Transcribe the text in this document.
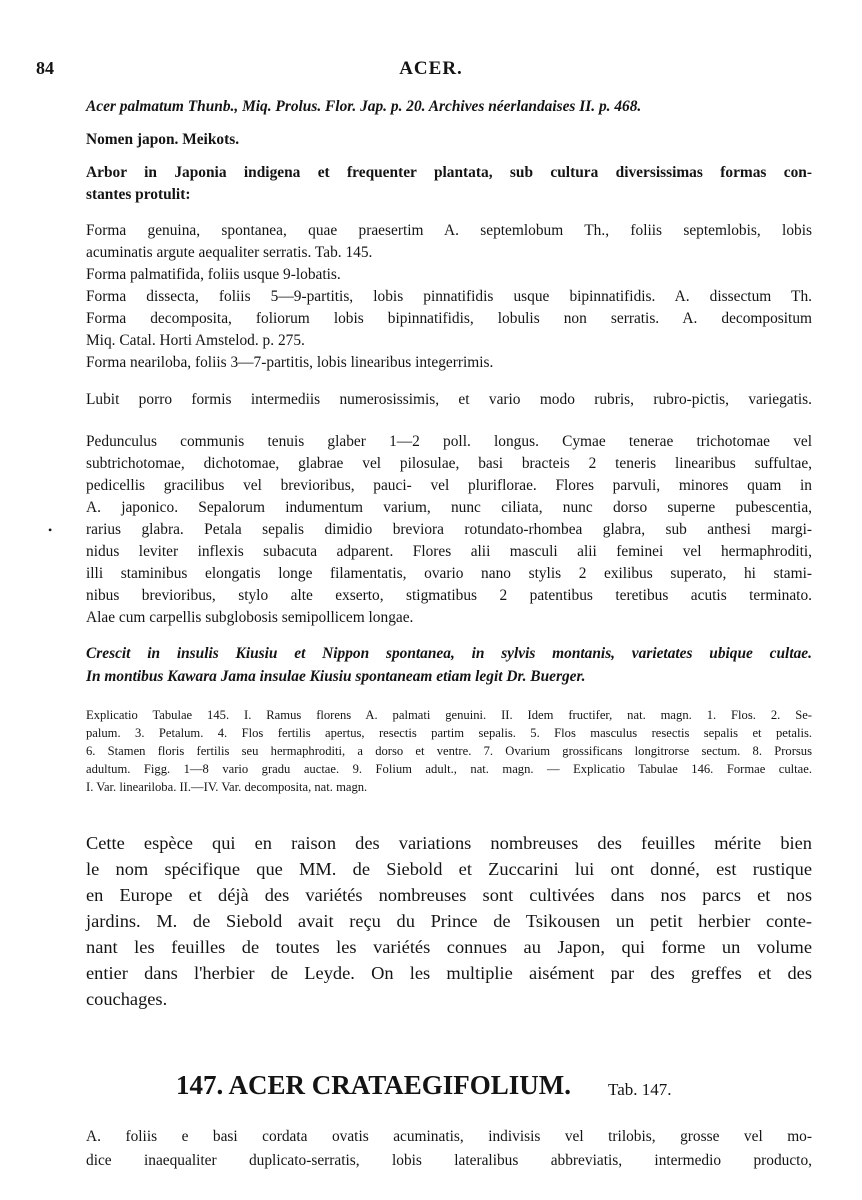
84	ACER.
Acer palmatum Thunb., Miq. Prolus. Flor. Jap. p. 20. Archives néerlandaises II. p. 468.
Nomen japon. Meikots.
Arbor in Japonia indigena et frequenter plantata, sub cultura diversissimas formas con-
stantes protulit:
Forma genuina, spontanea, quae praesertim A. septemlobum Th., foliis septemlobis, lobis
acuminatis argute aequaliter serratis. Tab. 145.
Forma palmatifida, foliis usque 9-lobatis.
Forma dissecta, foliis 5—9-partitis, lobis pinnatifidis usque bipinnatifidis. A. dissectum Th.
Forma decomposita, foliorum lobis bipinnatifidis, lobulis non serratis. A. decompositum
Miq. Catal. Horti Amstelod. p. 275.
Forma neariloba, foliis 3—7-partitis, lobis linearibus integerrimis.
Lubit porro formis intermediis numerosissimis, et vario modo rubris, rubro-pictis, variegatis.
Pedunculus communis tenuis glaber 1—2 poll. longus. Cymae tenerae trichotomae vel
subtrichotomae, dichotomae, glabrae vel pilosulae, basi bracteis 2 teneris linearibus suffultae,
pedicellis gracilibus vel brevioribus, pauci- vel pluriflorae. Flores parvuli, minores quam in
A. japonico. Sepalorum indumentum varium, nunc ciliata, nunc dorso superne pubescentia,
rarius glabra. Petala sepalis dimidio breviora rotundato-rhombea glabra, sub anthesi margi-
nidus leviter inflexis subacuta adparent. Flores alii masculi alii feminei vel hermaphroditi,
illi staminibus elongatis longe filamentatis, ovario nano stylis 2 exilibus superato, hi stami-
nibus brevioribus, stylo alte exserto, stigmatibus 2 patentibus teretibus acutis terminato.
Alae cum carpellis subglobosis semipollicem longae.
Crescit in insulis Kiusiu et Nippon spontanea, in sylvis montanis, varietates ubique cultae.
In montibus Kawara Jama insulae Kiusiu spontaneam etiam legit Dr. Buerger.
•
Explicatio Tabulae 145. I. Ramus florens A. palmati genuini. II. Idem fructifer, nat. magn. 1. Flos. 2. Se-
palum. 3. Petalum. 4. Flos fertilis apertus, resectis partim sepalis. 5. Flos masculus resectis sepalis et petalis.
6. Stamen floris fertilis seu hermaphroditi, a dorso et ventre. 7. Ovarium grossificans longitrorse sectum. 8. Prorsus
adultum. Figg. 1—8 vario gradu auctae. 9. Folium adult., nat. magn. — Explicatio Tabulae 146. Formae cultae.
I. Var. lineariloba. II.—IV. Var. decomposita, nat. magn.
Cette espèce qui en raison des variations nombreuses des feuilles mérite bien
le nom spécifique que MM. de Siebold et Zuccarini lui ont donné, est rustique
en Europe et déjà des variétés nombreuses sont cultivées dans nos parcs et nos
jardins. M. de Siebold avait reçu du Prince de Tsikousen un petit herbier conte-
nant les feuilles de toutes les variétés connues au Japon, qui forme un volume
entier dans l'herbier de Leyde. On les multiplie aisément par des greffes et des
couchages.
147. ACER CRATAEGIFOLIUM. Tab. 147.
A. foliis e basi cordata ovatis acuminatis, indivisis vel trilobis, grosse vel mo-
dice inaequaliter duplicato-serratis, lobis lateralibus abbreviatis, intermedio producto,
